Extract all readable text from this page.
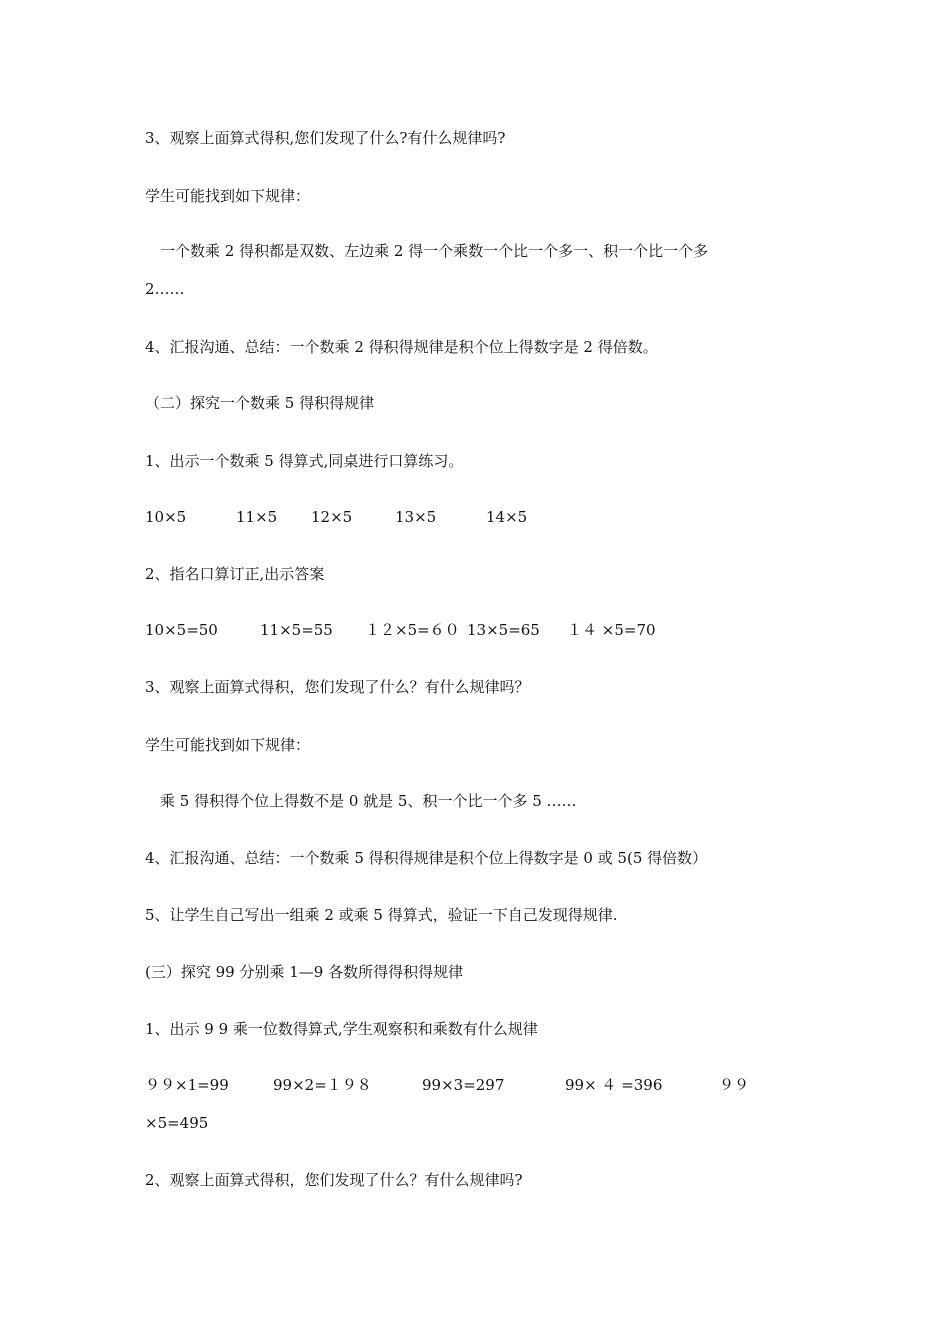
3、观察上面算式得积,您们发现了什么?有什么规律吗?
学生可能找到如下规律：
一个数乘 2 得积都是双数、左边乘 2 得一个乘数一个比一个多一、积一个比一个多
2……
4、汇报沟通、总结：一个数乘 2 得积得规律是积个位上得数字是 2 得倍数。
（二）探究一个数乘 5 得积得规律
1、出示一个数乘 5 得算式,同桌进行口算练习。
10×5	11×5 12×5	13×5	14×5
2、指名口算订正,出示答案
10×5=50	11×5=55 １２×5=６０ 13×5=65 １４ ×5=70
3、观察上面算式得积，您们发现了什么？有什么规律吗？
学生可能找到如下规律：
乘 5 得积得个位上得数不是 0 就是 5、积一个比一个多 5 ……
4、汇报沟通、总结：一个数乘 5 得积得规律是积个位上得数字是 0 或 5(5 得倍数）
5、让学生自己写出一组乘 2 或乘 5 得算式，验证一下自己发现得规律.
(三）探究 99 分别乘 1—9 各数所得得积得规律
1、出示 9 9 乘一位数得算式,学生观察积和乘数有什么规律
９９×1=99	99×2=１９８	99×3=297	99× ４ =396	９９
×5=495
2、观察上面算式得积，您们发现了什么？有什么规律吗?
